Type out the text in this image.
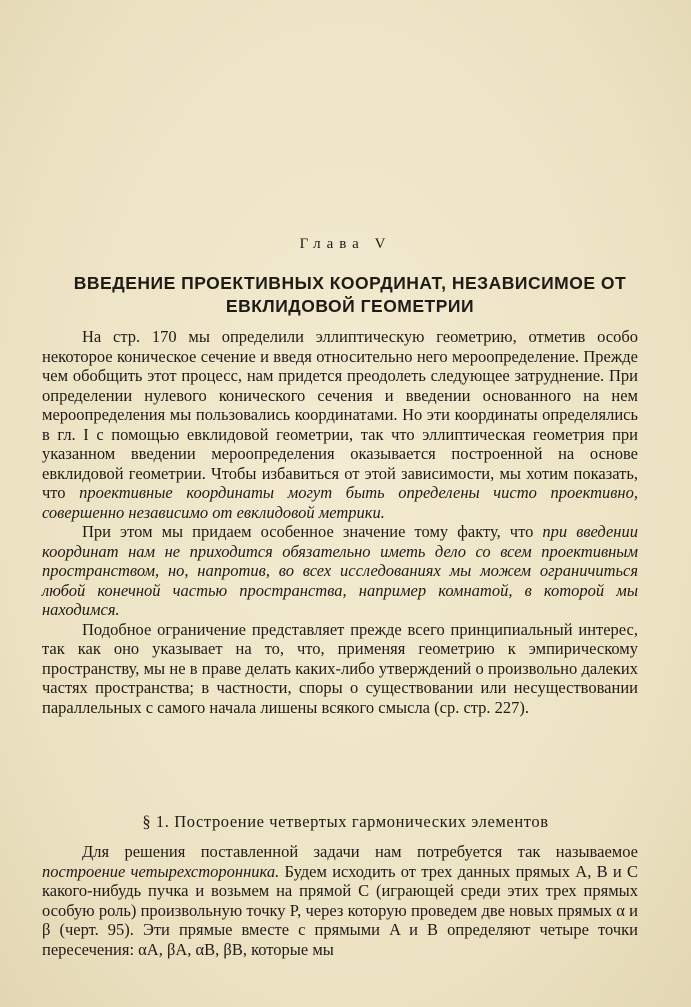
Глава V
ВВЕДЕНИЕ ПРОЕКТИВНЫХ КООРДИНАТ, НЕЗАВИСИМОЕ ОТ ЕВКЛИДОВОЙ ГЕОМЕТРИИ

На стр. 170 мы определили эллиптическую геометрию, отметив особо некоторое коническое сечение и введя относительно него мероопределение. Прежде чем обобщить этот процесс, нам придется преодолеть следующее затруднение. При определении нулевого конического сечения и введении основанного на нем мероопределения мы пользовались координатами. Но эти координаты определялись в гл. I с помощью евклидовой геометрии, так что эллиптическая геометрия при указанном введении мероопределения оказывается построенной на основе евклидовой геометрии. Чтобы избавиться от этой зависимости, мы хотим показать, что проективные координаты могут быть определены чисто проективно, совершенно независимо от евклидовой метрики.

При этом мы придаем особенное значение тому факту, что при введении координат нам не приходится обязательно иметь дело со всем проективным пространством, но, напротив, во всех исследованиях мы можем ограничиться любой конечной частью пространства, например комнатой, в которой мы находимся.

Подобное ограничение представляет прежде всего принципиальный интерес, так как оно указывает на то, что, применяя геометрию к эмпирическому пространству, мы не в праве делать каких-либо утверждений о произвольно далеких частях пространства; в частности, споры о существовании или несуществовании параллельных с самого начала лишены всякого смысла (ср. стр. 227).

§ 1. Построение четвертых гармонических элементов

Для решения поставленной задачи нам потребуется так называемое построение четырехсторонника. Будем исходить от трех данных прямых A, B и C какого-нибудь пучка и возьмем на прямой C (играющей среди этих трех прямых особую роль) произвольную точку P, через которую проведем две новых прямых α и β (черт. 95). Эти прямые вместе с прямыми A и B определяют четыре точки пересечения: αA, βA, αB, βB, которые мы
